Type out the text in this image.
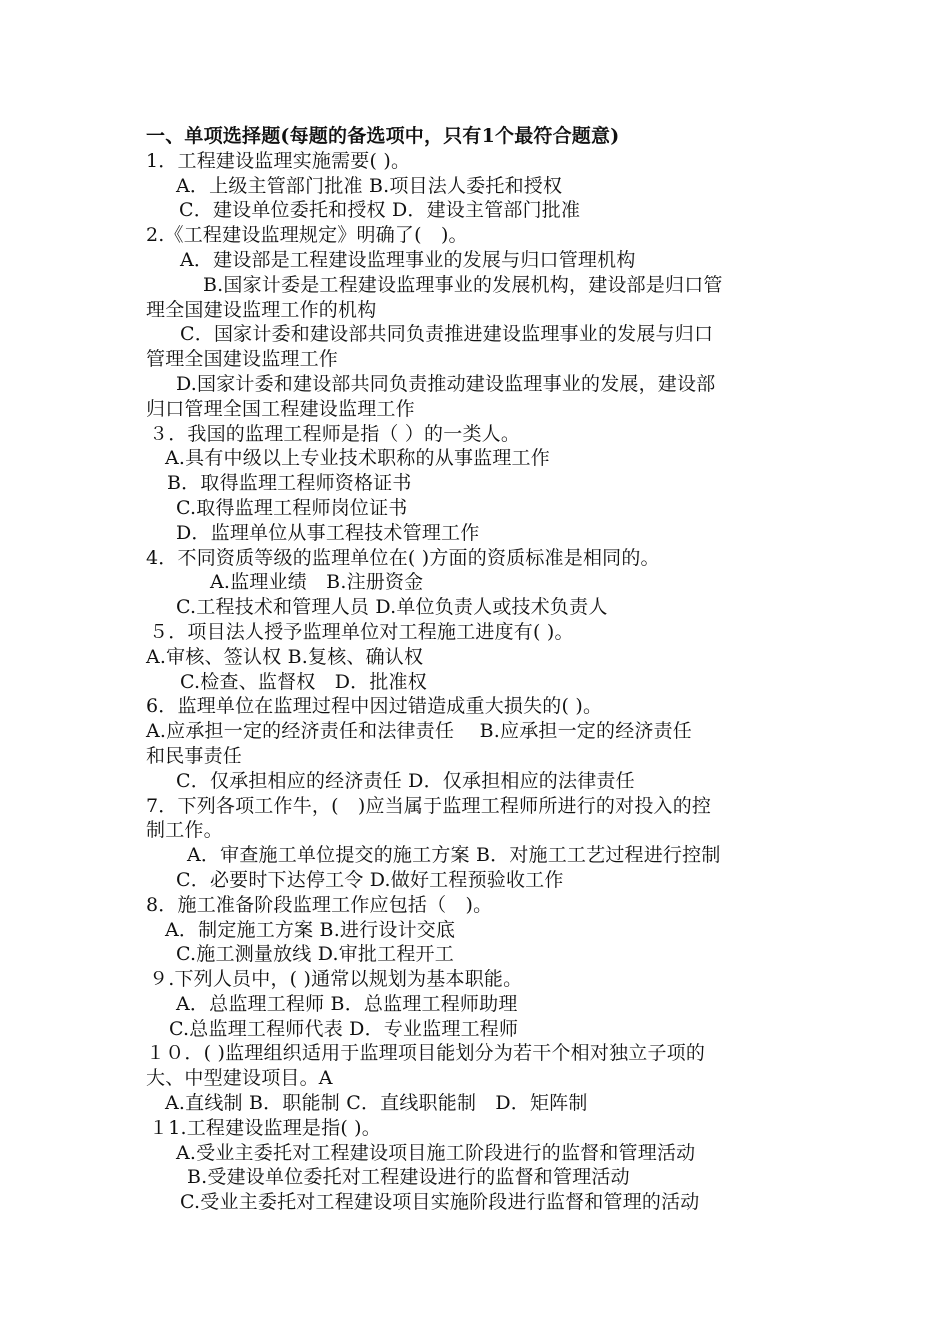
一、单项选择题(每题的备选项中，只有1个最符合题意)
1．工程建设监理实施需要( )。
A．上级主管部门批准 B.项目法人委托和授权
C．建设单位委托和授权 D．建设主管部门批准
2.《工程建设监理规定》明确了(　)。
A．建设部是工程建设监理事业的发展与归口管理机构
B.国家计委是工程建设监理事业的发展机构，建设部是归口管
理全国建设监理工作的机构
C．国家计委和建设部共同负责推进建设监理事业的发展与归口
管理全国建设监理工作
D.国家计委和建设部共同负责推动建设监理事业的发展，建设部
归口管理全国工程建设监理工作
３．我国的监理工程师是指（ ）的一类人。
A.具有中级以上专业技术职称的从事监理工作
B．取得监理工程师资格证书
C.取得监理工程师岗位证书
D．监理单位从事工程技术管理工作
4．不同资质等级的监理单位在( )方面的资质标准是相同的。
A.监理业绩　B.注册资金
C.工程技术和管理人员 D.单位负责人或技术负责人
５．项目法人授予监理单位对工程施工进度有( )。
A.审核、签认权 B.复核、确认权
C.检查、监督权　D．批准权
6．监理单位在监理过程中因过错造成重大损失的( )。
A.应承担一定的经济责任和法律责任　 B.应承担一定的经济责任
和民事责任
C．仅承担相应的经济责任 D．仅承担相应的法律责任
7．下列各项工作牛，(　)应当属于监理工程师所进行的对投入的控
制工作。
A．审查施工单位提交的施工方案 B．对施工工艺过程进行控制
C．必要时下达停工令 D.做好工程预验收工作
8．施工准备阶段监理工作应包括（　)。
A．制定施工方案 B.进行设计交底
C.施工测量放线 D.审批工程开工
９.下列人员中，( )通常以规划为基本职能。
A．总监理工程师 B．总监理工程师助理
C.总监理工程师代表 D．专业监理工程师
１０．( )监理组织适用于监理项目能划分为若干个相对独立子项的
大、中型建设项目。A
A.直线制 B．职能制 C．直线职能制　D．矩阵制
１1.工程建设监理是指( )。
A.受业主委托对工程建设项目施工阶段进行的监督和管理活动
B.受建设单位委托对工程建设进行的监督和管理活动
C.受业主委托对工程建设项目实施阶段进行监督和管理的活动
